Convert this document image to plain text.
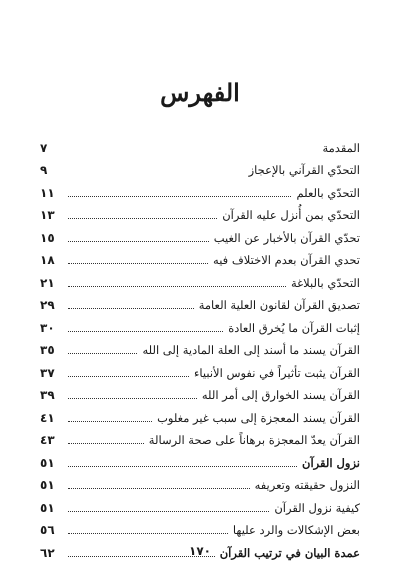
الفهرس
المقدمة
٧
التحدّي القرآني بالإعجاز
٩
التحدّي بالعلم
١١
التحدّي بمن أُنزل عليه القرآن
١٣
تحدّي القرآن بالأخبار عن الغيب
١٥
تحدي القرآن بعدم الاختلاف فيه
١٨
التحدّي بالبلاغة
٢١
تصديق القرآن لقانون العلية العامة
٢٩
إثبات القرآن ما يُخرق العادة
٣٠
القرآن يسند ما أسند إلى العلة المادية إلى الله
٣٥
القرآن يثبت تأثيراً في نفوس الأنبياء
٣٧
القرآن يسند الخوارق إلى أمر الله
٣٩
القرآن يسند المعجزة إلى سبب غير مغلوب
٤١
القرآن يعدّ المعجزة برهاناً على صحة الرسالة
٤٣
نزول القرآن
٥١
النزول حقيقته وتعريفه
٥١
كيفية نزول القرآن
٥١
بعض الإشكالات والرد عليها
٥٦
عمدة البيان في ترتيب القرآن
٦٢	١٧٠
